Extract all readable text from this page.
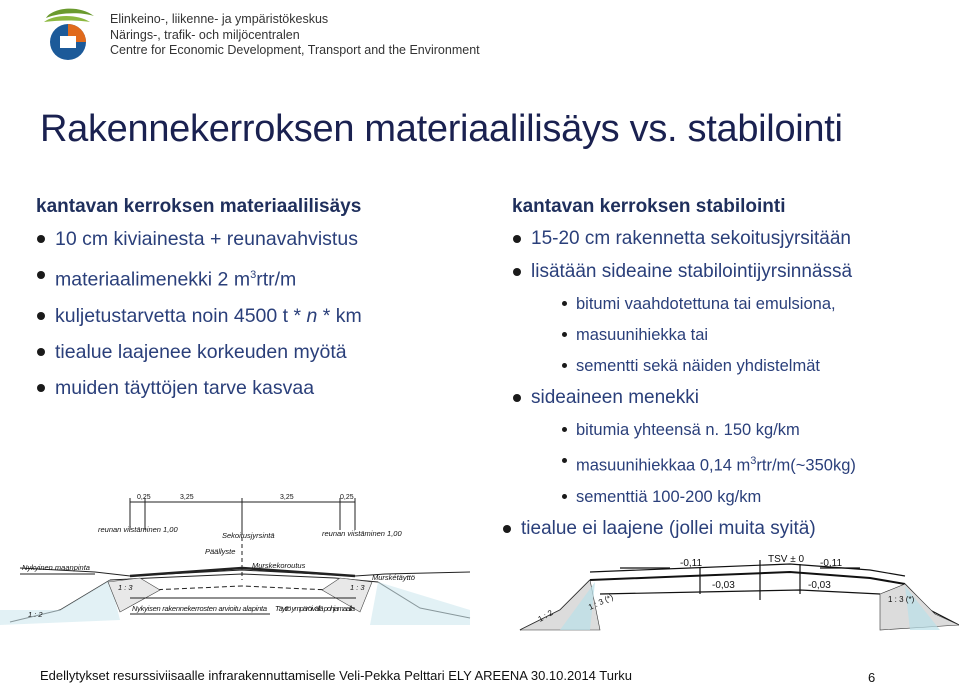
Elinkeino-, liikenne- ja ympäristökeskus
Närings-, trafik- och miljöcentralen
Centre for Economic Development, Transport and the Environment
Rakennekerroksen materiaalilisäys vs. stabilointi
kantavan kerroksen materiaalilisäys
10 cm kiviainesta + reunavahvistus
materiaalimenekki 2 $m^3rtr/m$
kuljetustarvetta noin 4500 t * n * km
tiealue laajenee korkeuden myötä
muiden täyttöjen tarve kasvaa
kantavan kerroksen stabilointi
15-20 cm rakennetta sekoitusjyrsitään
lisätään sideaine stabilointijyrsinnässä
bitumi vaahdotettuna tai emulsiona,
masuunihiekka tai
sementti sekä näiden yhdistelmät
sideaineen menekki
bitumia yhteensä n. 150 kg/km
masuunihiekkaa 0,14 $m^3rtr/m(\sim 350kg)$
sementtiä 100-200 kg/km
tiealue ei laajene (jollei muita syitä)
0,25	3,25	3,25	0,25
reunan viistäminen 1,00
Sekoitusjyrsintä	reunan viistäminen 1,00
Päällyste
Murskekoroutus
Nykyinen maanpinta
Murskétäyttö
1 : 3	1 : 3
1 : 2
Nykyisen rakennekerrosten arvioitu alapinta Täyttö ympäröivällä pohjamaalla
-0,11	TSV ± 0 -0,11
-0,03	-0,03
1 : 3 (*)	1 : 3 (*)
1 : 2
Edellytykset resurssiviisaalle infrarakennuttamiselle Veli-Pekka Pelttari ELY AREENA 30.10.2014 Turku	6
